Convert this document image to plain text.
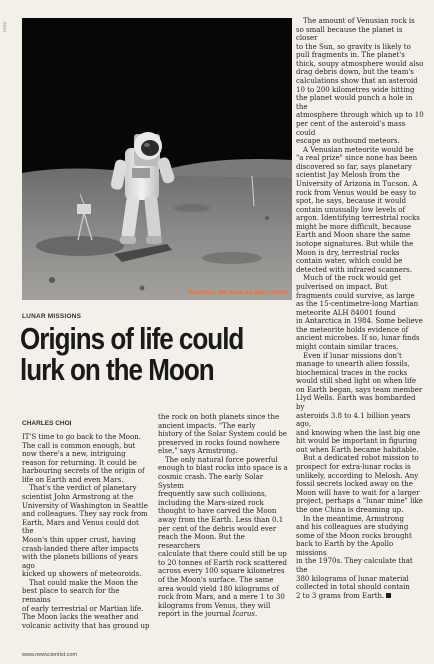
CHOI
Houston, we have an alien fossil
LUNAR MISSIONS
Origins of life could lurk on the Moon
CHARLES CHOI

IT'S time to go back to the Moon.

The call is common enough, but

now there's a new, intriguing

reason for returning. It could be

harbouring secrets of the origin of

life on Earth and even Mars.

That's the verdict of planetary

scientist John Armstrong at the

University of Washington in Seattle

and colleagues. They say rock from

Earth, Mars and Venus could dot the

Moon's thin upper crust, having

crash-landed there after impacts

with the planets billions of years ago

kicked up showers of meteoroids.

That could make the Moon the

best place to search for the remains

of early terrestrial or Martian life.

The Moon lacks the weather and

volcanic activity that has ground up

the rock on both planets since the

ancient impacts. "The early

history of the Solar System could be

preserved in rocks found nowhere

else," says Armstrong.

The only natural force powerful

enough to blast rocks into space is a

cosmic crash. The early Solar System

frequently saw such collisions,

including the Mars-sized rock

thought to have carved the Moon

away from the Earth. Less than 0.1

per cent of the debris would ever

reach the Moon. But the researchers

calculate that there could still be up

to 20 tonnes of Earth rock scattered

across every 100 square kilometres

of the Moon's surface. The same

area would yield 180 kilograms of

rock from Mars, and a mere 1 to 30

kilograms from Venus, they will

report in the journal Icarus.

The amount of Venusian rock is

so small because the planet is closer

to the Sun, so gravity is likely to

pull fragments in. The planet's

thick, soupy atmosphere would also

drag debris down, but the team's

calculations show that an asteroid

10 to 200 kilometres wide hitting

the planet would punch a hole in the

atmosphere through which up to 10

per cent of the asteroid's mass could

escape as outbound meteors.

A Venusian meteorite would be

"a real prize" since none has been

discovered so far, says planetary

scientist Jay Melosh from the

University of Arizona in Tucson. A

rock from Venus would be easy to

spot, he says, because it would

contain unusually low levels of

argon. Identifying terrestrial rocks

might be more difficult, because

Earth and Moon share the same

isotope signatures. But while the

Moon is dry, terrestrial rocks

contain water, which could be

detected with infrared scanners.

Much of the rock would get

pulverised on impact. But

fragments could survive, as large

as the 15-centimetre-long Martian

meteorite ALH 84001 found

in Antarctica in 1984. Some believe

the meteorite holds evidence of

ancient microbes. If so, lunar finds

might contain similar traces.

Even if lunar missions don't

manage to unearth alien fossils,

biochemical traces in the rocks

would still shed light on when life

on Earth began, says team member

Llyd Wells. Earth was bombarded by

asteroids 3.8 to 4.1 billion years ago,

and knowing when the last big one

hit would be important in figuring

out when Earth became habitable.

But a dedicated robot mission to

prospect for extra-lunar rocks is

unlikely, according to Melosh. Any

fossil secrets locked away on the

Moon will have to wait for a larger

project, perhaps a "lunar mine" like

the one China is dreaming up.

In the meantime, Armstrong

and his colleagues are studying

some of the Moon rocks brought

back to Earth by the Apollo missions

in the 1970s. They calculate that the

380 kilograms of lunar material

collected in total should contain

2 to 3 grams from Earth.

www.newscientist.com
